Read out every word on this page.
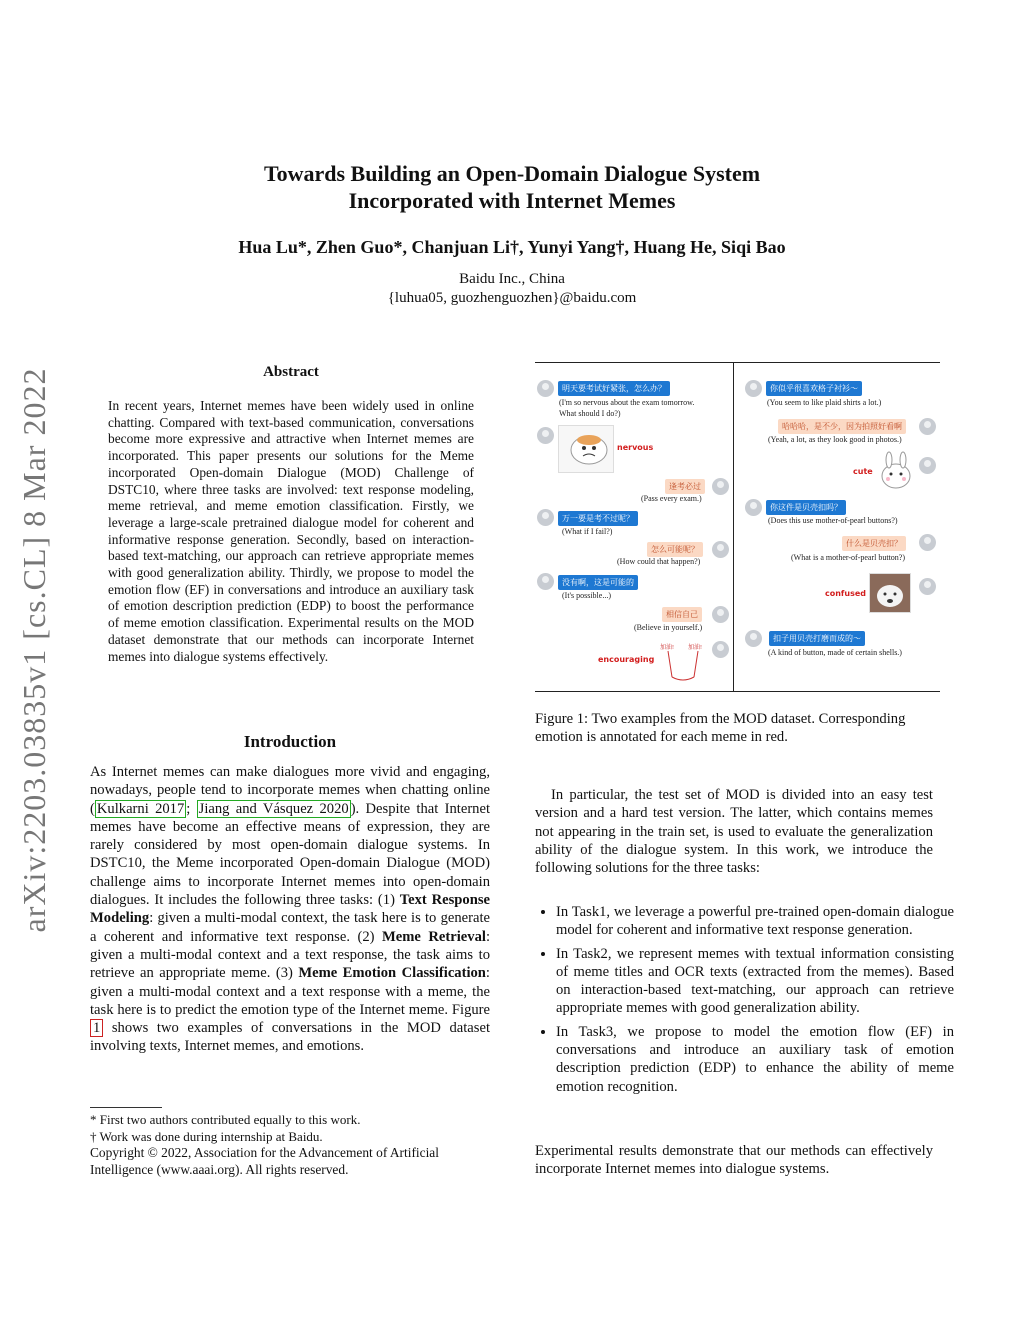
arXiv:2203.03835v1 [cs.CL] 8 Mar 2022
Towards Building an Open-Domain Dialogue System
Incorporated with Internet Memes
Hua Lu*, Zhen Guo*, Chanjuan Li†, Yunyi Yang†, Huang He, Siqi Bao
Baidu Inc., China
{luhua05, guozhenguozhen}@baidu.com
Abstract
In recent years, Internet memes have been widely used in online chatting. Compared with text-based communication, conversations become more expressive and attractive when Internet memes are incorporated. This paper presents our solutions for the Meme incorporated Open-domain Dialogue (MOD) Challenge of DSTC10, where three tasks are involved: text response modeling, meme retrieval, and meme emotion classification. Firstly, we leverage a large-scale pretrained dialogue model for coherent and informative response generation. Secondly, based on interaction-based text-matching, our approach can retrieve appropriate memes with good generalization ability. Thirdly, we propose to model the emotion flow (EF) in conversations and introduce an auxiliary task of emotion description prediction (EDP) to boost the performance of meme emotion classification. Experimental results on the MOD dataset demonstrate that our methods can incorporate Internet memes into dialogue systems effectively.
Introduction
As Internet memes can make dialogues more vivid and engaging, nowadays, people tend to incorporate memes when chatting online ( Kulkarni 2017 ; Jiang and Vásquez 2020 ). Despite that Internet memes have become an effective means of expression, they are rarely considered by most open-domain dialogue systems. In DSTC10, the Meme incorporated Open-domain Dialogue (MOD) challenge aims to incorporate Internet memes into open-domain dialogues. It includes the following three tasks: (1) Text Response Modeling: given a multi-modal context, the task here is to generate a coherent and informative text response. (2) Meme Retrieval: given a multi-modal context and a text response, the task aims to retrieve an appropriate meme. (3) Meme Emotion Classification: given a multi-modal context and a text response with a meme, the task here is to predict the emotion type of the Internet meme. Figure 1 shows two examples of conversations in the MOD dataset involving texts, Internet memes, and emotions.
* First two authors contributed equally to this work.
† Work was done during internship at Baidu.
Copyright © 2022, Association for the Advancement of Artificial Intelligence (www.aaai.org). All rights reserved.
明天要考试好紧张，怎么办？
(I'm so nervous about the exam tomorrow.
What should I do?)
nervous
逢考必过
(Pass every exam.)
万一要是考不过呢？
(What if I fail?)
怎么可能呢？
(How could that happen?)
没有啊，这是可能的
(It's possible...)
相信自己
(Believe in yourself.)
encouraging
加油! 加油!
你似乎很喜欢格子衬衫～
(You seem to like plaid shirts a lot.)
哈哈哈，是不少，因为拍照好看啊
(Yeah, a lot, as they look good in photos.)
cute
你这件是贝壳扣吗？
(Does this use mother-of-pearl buttons?)
什么是贝壳扣？
(What is a mother-of-pearl button?)
confused
扣子用贝壳打磨而成的～
(A kind of button, made of certain shells.)
Figure 1: Two examples from the MOD dataset. Corresponding emotion is annotated for each meme in red.
In particular, the test set of MOD is divided into an easy test version and a hard test version. The latter, which contains memes not appearing in the train set, is used to evaluate the generalization ability of the dialogue system. In this work, we introduce the following solutions for the three tasks:
• In Task1, we leverage a powerful pre-trained open-domain dialogue model for coherent and informative text response generation.
• In Task2, we represent memes with textual information consisting of meme titles and OCR texts (extracted from the memes). Based on interaction-based text-matching, our approach can retrieve appropriate memes with good generalization ability.
• In Task3, we propose to model the emotion flow (EF) in conversations and introduce an auxiliary task of emotion description prediction (EDP) to enhance the ability of meme emotion recognition.
Experimental results demonstrate that our methods can effectively incorporate Internet memes into dialogue systems.
